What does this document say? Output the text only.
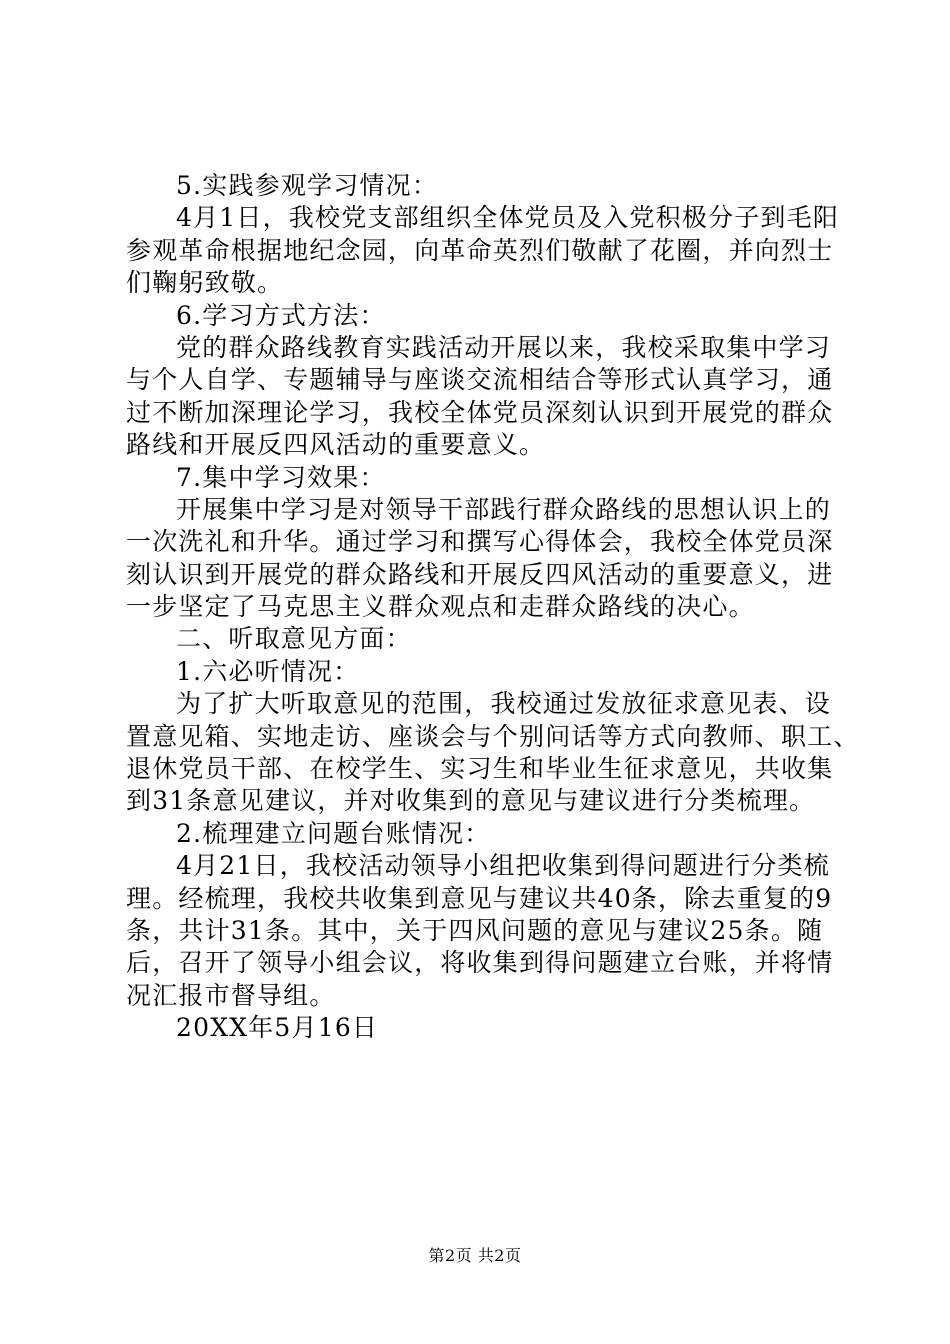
5.实践参观学习情况：
4月1日，我校党支部组织全体党员及入党积极分子到毛阳
参观革命根据地纪念园，向革命英烈们敬献了花圈，并向烈士
们鞠躬致敬。
6.学习方式方法：
党的群众路线教育实践活动开展以来，我校采取集中学习
与个人自学、专题辅导与座谈交流相结合等形式认真学习，通
过不断加深理论学习，我校全体党员深刻认识到开展党的群众
路线和开展反四风活动的重要意义。
7.集中学习效果：
开展集中学习是对领导干部践行群众路线的思想认识上的
一次洗礼和升华。通过学习和撰写心得体会，我校全体党员深
刻认识到开展党的群众路线和开展反四风活动的重要意义，进
一步坚定了马克思主义群众观点和走群众路线的决心。
二、听取意见方面：
1.六必听情况：
为了扩大听取意见的范围，我校通过发放征求意见表、设
置意见箱、实地走访、座谈会与个别问话等方式向教师、职工、
退休党员干部、在校学生、实习生和毕业生征求意见，共收集
到31条意见建议，并对收集到的意见与建议进行分类梳理。
2.梳理建立问题台账情况：
4月21日，我校活动领导小组把收集到得问题进行分类梳
理。经梳理，我校共收集到意见与建议共40条，除去重复的9
条，共计31条。其中，关于四风问题的意见与建议25条。随
后，召开了领导小组会议，将收集到得问题建立台账，并将情
况汇报市督导组。
20XX年5月16日
第2页 共2页
